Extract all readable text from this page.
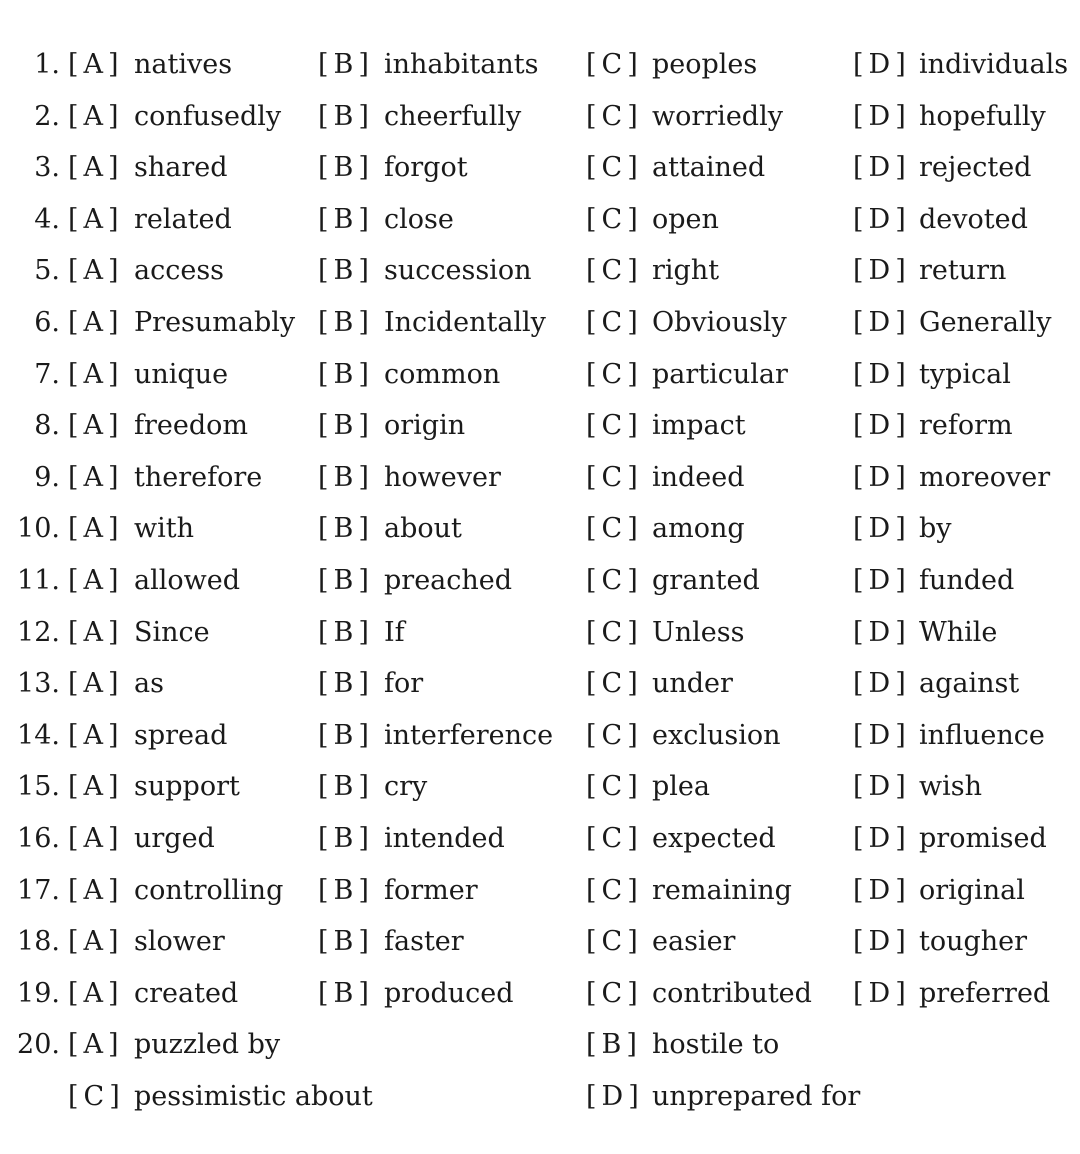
1. [ A ] natives	[ B ] inhabitants [ C ] peoples	[ D ] individuals
2. [ A ] confusedly [ B ] cheerfully [ C ] worriedly	[ D ] hopefully
3. [ A ] shared	[ B ] forgot	[ C ] attained	[ D ] rejected
4. [ A ] related	[ B ] close	[ C ] open	[ D ] devoted
5. [ A ] access	[ B ] succession [ C ] right	[ D ] return
6. [ A ] Presumably [ B ] Incidentally [ C ] Obviously [ D ] Generally
7. [ A ] unique	[ B ] common	[ C ] particular [ D ] typical
8. [ A ] freedom	[ B ] origin	[ C ] impact	[ D ] reform
9. [ A ] therefore [ B ] however	[ C ] indeed	[ D ] moreover
10. [ A ] with	[ B ] about	[ C ] among	[ D ] by
11. [ A ] allowed	[ B ] preached	[ C ] granted	[ D ] funded
12. [ A ] Since	[ B ] If	[ C ] Unless	[ D ] While
13. [ A ] as	[ B ] for	[ C ] under	[ D ] against
14. [ A ] spread	[ B ] interference [ C ] exclusion	[ D ] influence
15. [ A ] support	[ B ] cry	[ C ] plea	[ D ] wish
16. [ A ] urged	[ B ] intended	[ C ] expected	[ D ] promised
17. [ A ] controlling [ B ] former	[ C ] remaining [ D ] original
18. [ A ] slower	[ B ] faster	[ C ] easier	[ D ] tougher
19. [ A ] created	[ B ] produced	[ C ] contributed [ D ] preferred
20. [ A ] puzzled by	[ B ] hostile to
[ C ] pessimistic about	[ D ] unprepared for
